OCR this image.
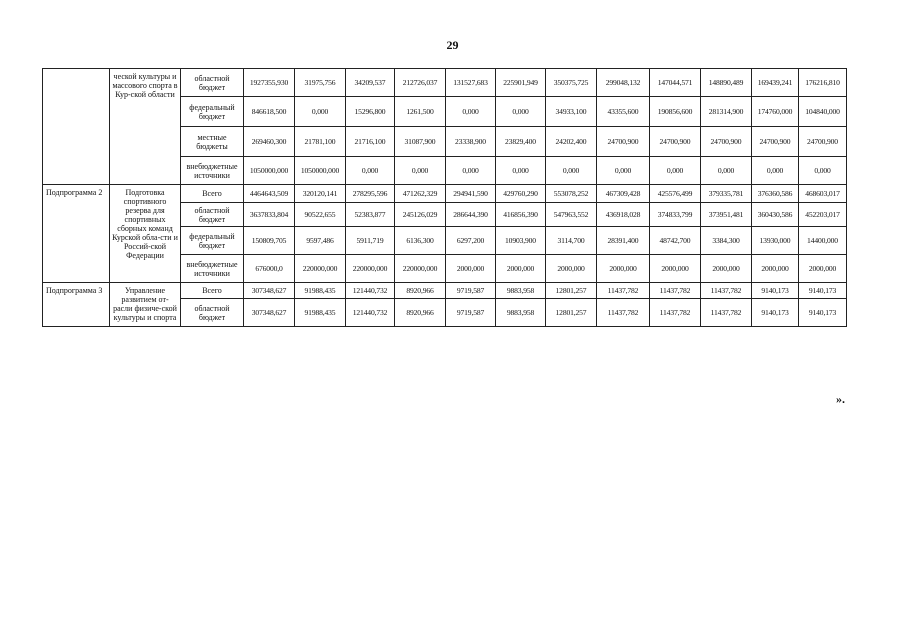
29
	ческой культуры и массового спорта в Кур-ской области	областной бюджет	1927355,930	31975,756	34209,537	212726,037	131527,683	225901,949	350375,725	299048,132	147044,571	148890,489	169439,241	176216,810
		федеральный бюджет	846618,500	0,000	15296,800	1261,500	0,000	0,000	34933,100	43355,600	190856,600	281314,900	174760,000	104840,000
		местные бюджеты	269460,300	21781,100	21716,100	31087,900	23338,900	23829,400	24202,400	24700,900	24700,900	24700,900	24700,900	24700,900
		внебюджетные источники	1050000,000	1050000,000	0,000	0,000	0,000	0,000	0,000	0,000	0,000	0,000	0,000	0,000
Подпрограмма 2	Подготовка спортивного резерва для спортивных сборных команд Курской обла-сти и Россий-ской Федерации	Всего	4464643,509	320120,141	278295,596	471262,329	294941,590	429760,290	553078,252	467309,428	425576,499	379335,781	376360,586	468603,017
		областной бюджет	3637833,804	90522,655	52383,877	245126,029	286644,390	416856,390	547963,552	436918,028	374833,799	373951,481	360430,586	452203,017
		федеральный бюджет	150809,705	9597,486	5911,719	6136,300	6297,200	10903,900	3114,700	28391,400	48742,700	3384,300	13930,000	14400,000
		внебюджетные источники	676000,0	220000,000	220000,000	220000,000	2000,000	2000,000	2000,000	2000,000	2000,000	2000,000	2000,000	2000,000
Подпрограмма 3	Управление развитием от-расли физиче-ской культуры и спорта	Всего	307348,627	91988,435	121440,732	8920,966	9719,587	9883,958	12801,257	11437,782	11437,782	11437,782	9140,173	9140,173
		областной бюджет	307348,627	91988,435	121440,732	8920,966	9719,587	9883,958	12801,257	11437,782	11437,782	11437,782	9140,173	9140,173
».
